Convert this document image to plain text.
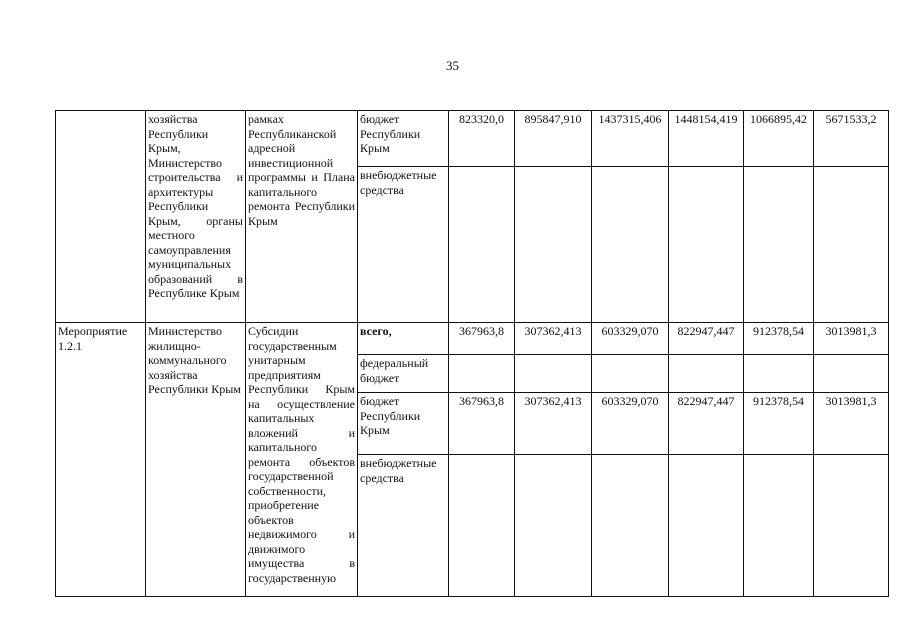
35
	хозяйства Республики Крым, Министерство строительства и архитектуры Республики Крым, органы местного самоуправления муниципальных образований в Республике Крым	рамках Республиканской адресной инвестиционной программы и Плана капитального ремонта Республики Крым	бюджет Республики Крым	823320,0	895847,910	1437315,406	1448154,419	1066895,42	5671533,2
			внебюджетные средства						
Мероприятие 1.2.1	Министерство жилищно-коммунального хозяйства Республики Крым	Субсидии государственным унитарным предприятиям Республики Крым на осуществление капитальных вложений и капитального ремонта объектов государственной собственности, приобретение объектов недвижимого и движимого имущества в государственную	всего,	367963,8	307362,413	603329,070	822947,447	912378,54	3013981,3
			федеральный бюджет						
			бюджет Республики Крым	367963,8	307362,413	603329,070	822947,447	912378,54	3013981,3
			внебюджетные средства						
